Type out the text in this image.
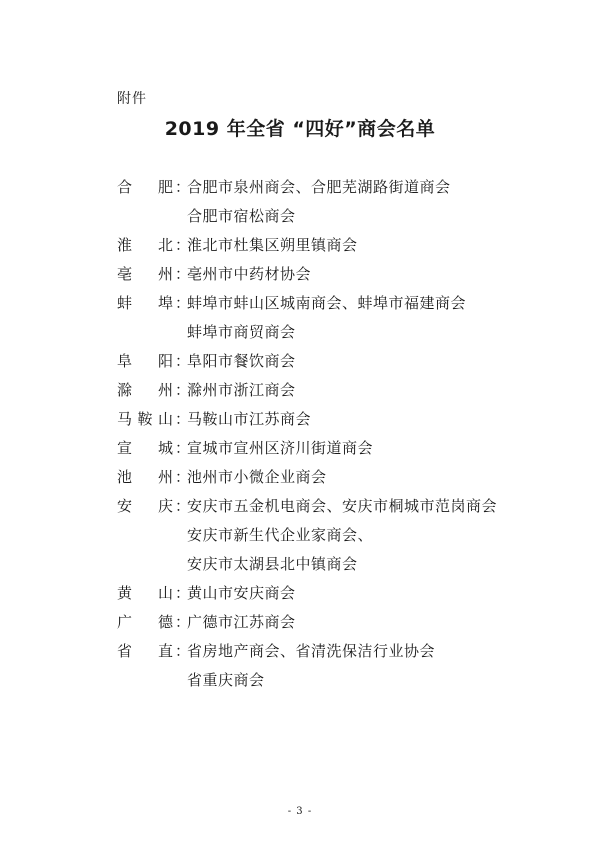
附件
2019 年全省 “四好”商会名单
合肥 ：
合肥市泉州商会、合肥芜湖路街道商会
合肥市宿松商会
淮北 ：
淮北市杜集区朔里镇商会
亳州 ：
亳州市中药材协会
蚌埠 ：
蚌埠市蚌山区城南商会、蚌埠市福建商会
蚌埠市商贸商会
阜阳 ：
阜阳市餐饮商会
滁州 ：
滁州市浙江商会
马鞍山 ：
马鞍山市江苏商会
宣城 ：
宣城市宣州区济川街道商会
池州 ：
池州市小微企业商会
安庆 ：
安庆市五金机电商会、安庆市桐城市范岗商会
安庆市新生代企业家商会、
安庆市太湖县北中镇商会
黄山 ：
黄山市安庆商会
广德 ：
广德市江苏商会
省直 ：
省房地产商会、省清洗保洁行业协会
省重庆商会
- 3 -
